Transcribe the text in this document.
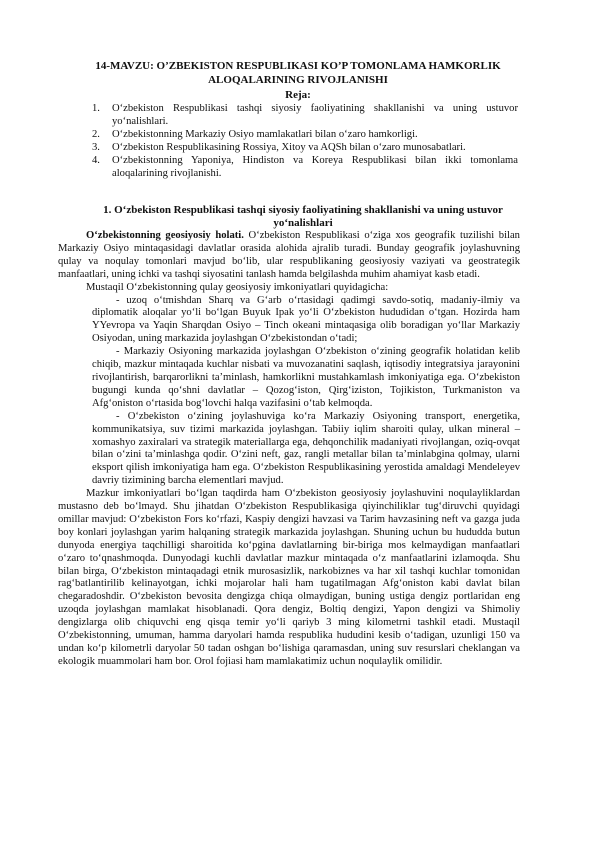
14-MAVZU: O’ZBEKISTON RESPUBLIKASI KO’P TOMONLAMA HAMKORLIK ALOQALARINING RIVOJLANISHI
Reja:
1. O‘zbekiston Respublikasi tashqi siyosiy faoliyatining shakllanishi va uning ustuvor yo‘nalishlari.
2. O‘zbekistonning Markaziy Osiyo mamlakatlari bilan o‘zaro hamkorligi.
3. O‘zbekiston Respublikasining Rossiya, Xitoy va AQSh bilan o‘zaro munosabatlari.
4. O‘zbekistonning Yaponiya, Hindiston va Koreya Respublikasi bilan ikki tomonlama aloqalarining rivojlanishi.
1. O‘zbekiston Respublikasi tashqi siyosiy faoliyatining shakllanishi va uning ustuvor yo‘nalishlari

O‘zbekistonning geosiyosiy holati. O‘zbekiston Respublikasi o‘ziga xos geografik tuzilishi bilan Markaziy Osiyo mintaqasidagi davlatlar orasida alohida ajralib turadi. Bunday geografik joylashuvning qulay va noqulay tomonlari mavjud bo‘lib, ular respublikaning geosiyosiy vaziyati va geostrategik manfaatlari, uning ichki va tashqi siyosatini tanlash hamda belgilashda muhim ahamiyat kasb etadi.

Mustaqil O‘zbekistonning qulay geosiyosiy imkoniyatlari quyidagicha:

- uzoq o‘tmishdan Sharq va G‘arb o‘rtasidagi qadimgi savdo-sotiq, madaniy-ilmiy va diplomatik aloqalar yo‘li bo‘lgan Buyuk Ipak yo‘li O‘zbekiston hududidan o‘tgan. Hozirda ham YYevropa va Yaqin Sharqdan Osiyo – Tinch okeani mintaqasiga olib boradigan yo‘llar Markaziy Osiyodan, uning markazida joylashgan O‘zbekistondan o‘tadi;

- Markaziy Osiyoning markazida joylashgan O‘zbekiston o‘zining geografik holatidan kelib chiqib, mazkur mintaqada kuchlar nisbati va muvozanatini saqlash, iqtisodiy integratsiya jarayonini rivojlantirish, barqarorlikni ta’minlash, hamkorlikni mustahkamlash imkoniyatiga ega. O‘zbekiston bugungi kunda qo‘shni davlatlar – Qozog‘iston, Qirg‘iziston, Tojikiston, Turkmaniston va Afg‘oniston o‘rtasida bog‘lovchi halqa vazifasini o‘tab kelmoqda.

- O‘zbekiston o‘zining joylashuviga ko‘ra Markaziy Osiyoning transport, energetika, kommunikatsiya, suv tizimi markazida joylashgan. Tabiiy iqlim sharoiti qulay, ulkan mineral – xomashyo zaxiralari va strategik materiallarga ega, dehqonchilik madaniyati rivojlangan, oziq-ovqat bilan o‘zini ta’minlashga qodir. O‘zini neft, gaz, rangli metallar bilan ta’minlabgina qolmay, ularni eksport qilish imkoniyatiga ham ega. O‘zbekiston Respublikasining yerostida amaldagi Mendeleyev davriy tizimining barcha elementlari mavjud.

Mazkur imkoniyatlari bo‘lgan taqdirda ham O‘zbekiston geosiyosiy joylashuvini noqulayliklardan mustasno deb bo‘lmayd. Shu jihatdan O‘zbekiston Respublikasiga qiyinchiliklar tug‘diruvchi quyidagi omillar mavjud: O‘zbekiston Fors ko‘rfazi, Kaspiy dengizi havzasi va Tarim havzasining neft va gazga juda boy konlari joylashgan yarim halqaning strategik markazida joylashgan. Shuning uchun bu hududda butun dunyoda energiya taqchilligi sharoitida ko‘pgina davlatlarning bir-biriga mos kelmaydigan manfaatlari o‘zaro to‘qnashmoqda. Dunyodagi kuchli davlatlar mazkur mintaqada o‘z manfaatlarini izlamoqda. Shu bilan birga, O‘zbekiston mintaqadagi etnik murosasizlik, narkobiznes va har xil tashqi kuchlar tomonidan rag‘batlantirilib kelinayotgan, ichki mojarolar hali ham tugatilmagan Afg‘oniston kabi davlat bilan chegaradoshdir. O‘zbekiston bevosita dengizga chiqa olmaydigan, buning ustiga dengiz portlaridan eng uzoqda joylashgan mamlakat hisoblanadi. Qora dengiz, Boltiq dengizi, Yapon dengizi va Shimoliy dengizlarga olib chiquvchi eng qisqa temir yo‘li qariyb 3 ming kilometrni tashkil etadi. Mustaqil O‘zbekistonning, umuman, hamma daryolari hamda respublika hududini kesib o‘tadigan, uzunligi 150 va undan ko‘p kilometrli daryolar 50 tadan oshgan bo‘lishiga qaramasdan, uning suv resurslari cheklangan va ekologik muammolari ham bor. Orol fojiasi ham mamlakatimiz uchun noqulaylik omilidir.
